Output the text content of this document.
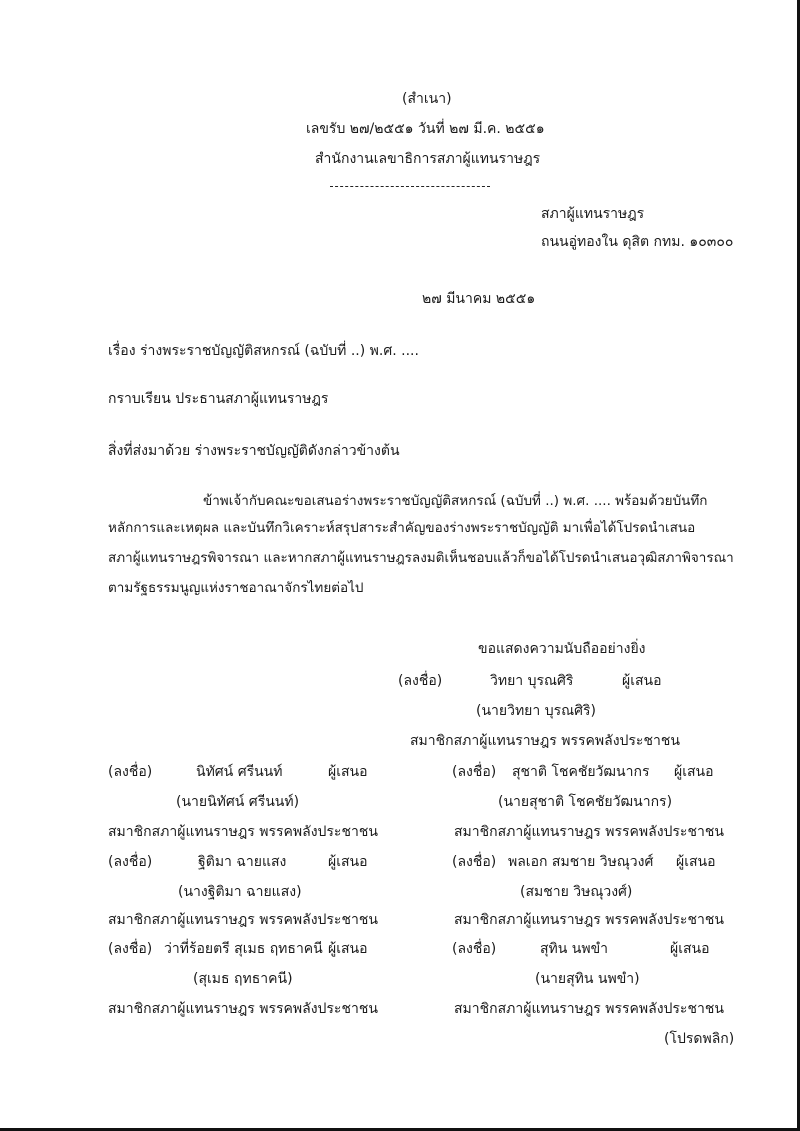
(สำเนา)
เลขรับ ๒๗/๒๕๕๑ วันที่ ๒๗ มี.ค. ๒๕๕๑
สำนักงานเลขาธิการสภาผู้แทนราษฎร
สภาผู้แทนราษฎร
ถนนอู่ทองใน ดุสิต กทม. ๑๐๓๐๐
๒๗ มีนาคม ๒๕๕๑
เรื่อง ร่างพระราชบัญญัติสหกรณ์ (ฉบับที่ ..) พ.ศ. ....
กราบเรียน ประธานสภาผู้แทนราษฎร
สิ่งที่ส่งมาด้วย ร่างพระราชบัญญัติดังกล่าวข้างต้น
ข้าพเจ้ากับคณะขอเสนอร่างพระราชบัญญัติสหกรณ์ (ฉบับที่ ..) พ.ศ. .... พร้อมด้วยบันทึก
หลักการและเหตุผล และบันทึกวิเคราะห์สรุปสาระสำคัญของร่างพระราชบัญญัติ มาเพื่อได้โปรดนำเสนอ
สภาผู้แทนราษฎรพิจารณา และหากสภาผู้แทนราษฎรลงมติเห็นชอบแล้วก็ขอได้โปรดนำเสนอวุฒิสภาพิจารณา
ตามรัฐธรรมนูญแห่งราชอาณาจักรไทยต่อไป
ขอแสดงความนับถืออย่างยิ่ง
(ลงชื่อ)	วิทยา บุรณศิริ	ผู้เสนอ
(นายวิทยา บุรณศิริ)
สมาชิกสภาผู้แทนราษฎร พรรคพลังประชาชน
(ลงชื่อ)	นิทัศน์ ศรีนนท์	ผู้เสนอ
(นายนิทัศน์ ศรีนนท์)
สมาชิกสภาผู้แทนราษฎร พรรคพลังประชาชน
(ลงชื่อ)	ฐิติมา ฉายแสง	ผู้เสนอ
(นางฐิติมา ฉายแสง)
สมาชิกสภาผู้แทนราษฎร พรรคพลังประชาชน
(ลงชื่อ) ว่าที่ร้อยตรี สุเมธ ฤทธาคนี ผู้เสนอ
(สุเมธ ฤทธาคนี)
สมาชิกสภาผู้แทนราษฎร พรรคพลังประชาชน
(ลงชื่อ) สุชาติ โชคชัยวัฒนากร ผู้เสนอ
(นายสุชาติ โชคชัยวัฒนากร)
สมาชิกสภาผู้แทนราษฎร พรรคพลังประชาชน
(ลงชื่อ) พลเอก สมชาย วิษณุวงศ์ ผู้เสนอ
(สมชาย วิษณุวงศ์)
สมาชิกสภาผู้แทนราษฎร พรรคพลังประชาชน
(ลงชื่อ)	สุทิน นพขำ	ผู้เสนอ
(นายสุทิน นพขำ)
สมาชิกสภาผู้แทนราษฎร พรรคพลังประชาชน
(โปรดพลิก)
